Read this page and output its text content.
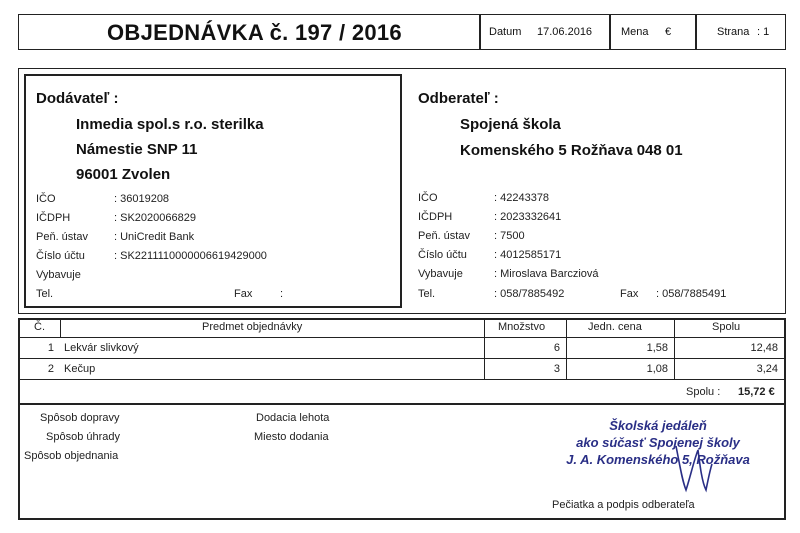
OBJEDNÁVKA č. 197 / 2016	Datum 17.06.2016	Mena €	Strana : 1
Dodávateľ :
Inmedia spol.s r.o. sterilka
Námestie SNP 11
96001 Zvolen
IČO	: 36019208
IČDPH	: SK2020066829
Peň. ústav : UniCredit Bank
Číslo účtu	: SK2211110000006619429000
Vybavuje
Tel.	Fax	:
Odberateľ :
Spojená škola
Komenského 5 Rožňava 048 01
IČO	: 42243378
IČDPH	: 2023332641
Peň. ústav : 7500
Číslo účtu : 4012585171
Vybavuje	: Miroslava Barcziová
Tel.	: 058/7885492	Fax : 058/7885491
Č.	Predmet objednávky	Množstvo	Jedn. cena	Spolu
1 Lekvár slivkový	6	1,58	12,48
2 Kečup	3	1,08	3,24
Spolu : 15,72 €
Spôsob dopravy
Spôsob úhrady
Spôsob objednania
Dodacia lehota
Miesto dodania
Školská jedáleň
ako súčasť Spojenej školy
J. A. Komenského 5, Rožňava
Pečiatka a podpis odberateľa
